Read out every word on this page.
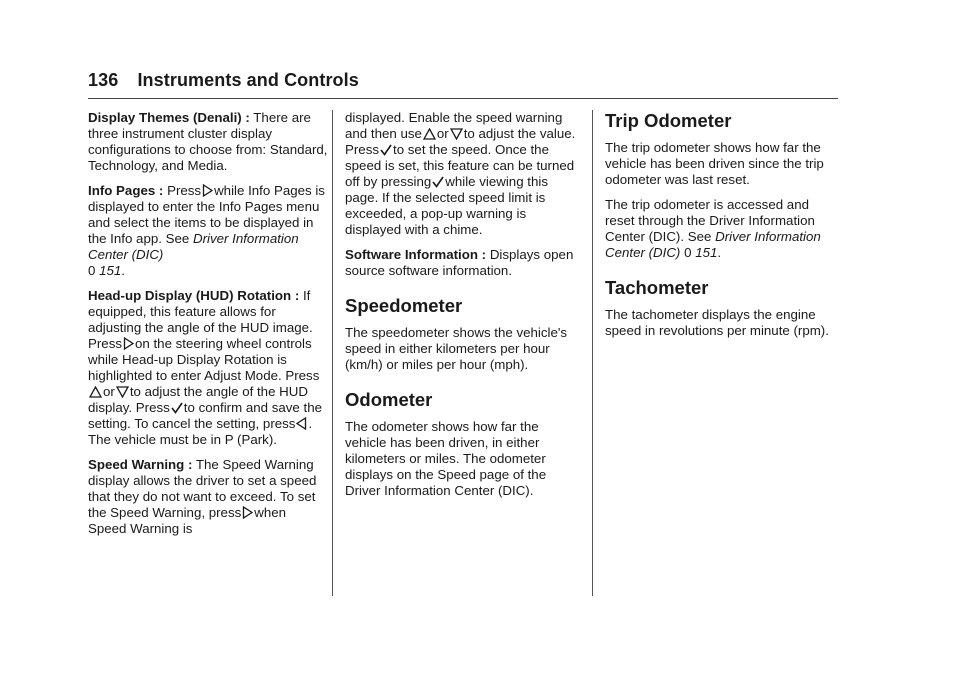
136 Instruments and Controls

Display Themes (Denali) : There are three instrument cluster display configurations to choose from: Standard, Technology, and Media.

Info Pages : Press while Info Pages is displayed to enter the Info Pages menu and select the items to be displayed in the Info app. See Driver Information Center (DIC)
0 151.

Head-up Display (HUD) Rotation : If equipped, this feature allows for adjusting the angle of the HUD image. Press on the steering wheel controls while Head-up Display Rotation is highlighted to enter Adjust Mode. Press
or to adjust the angle of the HUD display. Press to confirm and save the setting. To cancel the setting, press . The vehicle must be in P (Park).

Speed Warning : The Speed Warning display allows the driver to set a speed that they do not want to exceed. To set the Speed Warning, press when Speed Warning is

displayed. Enable the speed warning and then use or to adjust the value. Press to set the speed. Once the speed is set, this feature can be turned off by pressing while viewing this page. If the selected speed limit is exceeded, a pop-up warning is displayed with a chime.

Software Information : Displays open source software information.

Speedometer

The speedometer shows the vehicle's speed in either kilometers per hour (km/h) or miles per hour (mph).

Odometer

The odometer shows how far the vehicle has been driven, in either kilometers or miles. The odometer displays on the Speed page of the Driver Information Center (DIC).

Trip Odometer

The trip odometer shows how far the vehicle has been driven since the trip odometer was last reset.

The trip odometer is accessed and reset through the Driver Information Center (DIC). See Driver Information Center (DIC) 0 151.

Tachometer

The tachometer displays the engine speed in revolutions per minute (rpm).
